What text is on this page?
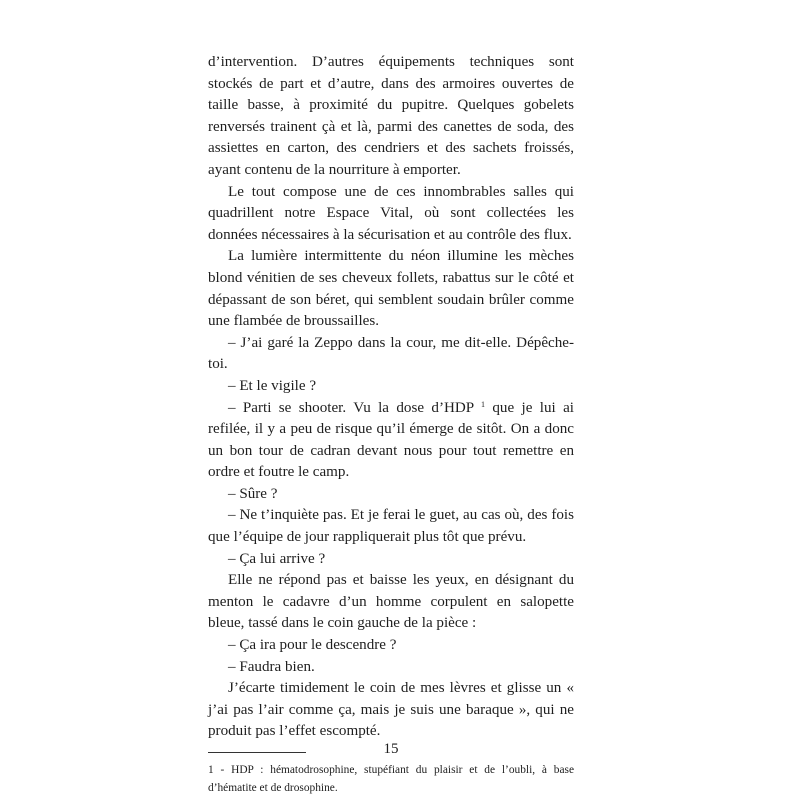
d’intervention. D’autres équipements techniques sont stockés de part et d’autre, dans des armoires ouvertes de taille basse, à proximité du pupitre. Quelques gobelets renversés trainent çà et là, parmi des canettes de soda, des assiettes en carton, des cendriers et des sachets froissés, ayant contenu de la nourriture à emporter.

Le tout compose une de ces innombrables salles qui quadrillent notre Espace Vital, où sont collectées les données nécessaires à la sécurisation et au contrôle des flux.

La lumière intermittente du néon illumine les mèches blond vénitien de ses cheveux follets, rabattus sur le côté et dépassant de son béret, qui semblent soudain brûler comme une flambée de broussailles.

– J’ai garé la Zeppo dans la cour, me dit-elle. Dépêche-toi.

– Et le vigile ?

– Parti se shooter. Vu la dose d’HDP $^1$ que je lui ai refilée, il y a peu de risque qu’il émerge de sitôt. On a donc un bon tour de cadran devant nous pour tout remettre en ordre et foutre le camp.

– Sûre ?

– Ne t’inquiète pas. Et je ferai le guet, au cas où, des fois que l’équipe de jour rappliquerait plus tôt que prévu.

– Ça lui arrive ?

Elle ne répond pas et baisse les yeux, en désignant du menton le cadavre d’un homme corpulent en salopette bleue, tassé dans le coin gauche de la pièce :

– Ça ira pour le descendre ?

– Faudra bien.

J’écarte timidement le coin de mes lèvres et glisse un « j’ai pas l’air comme ça, mais je suis une baraque », qui ne produit pas l’effet escompté.

1 - HDP : hématodrosophine, stupéfiant du plaisir et de l’oubli, à base d’hématite et de drosophine.

15
